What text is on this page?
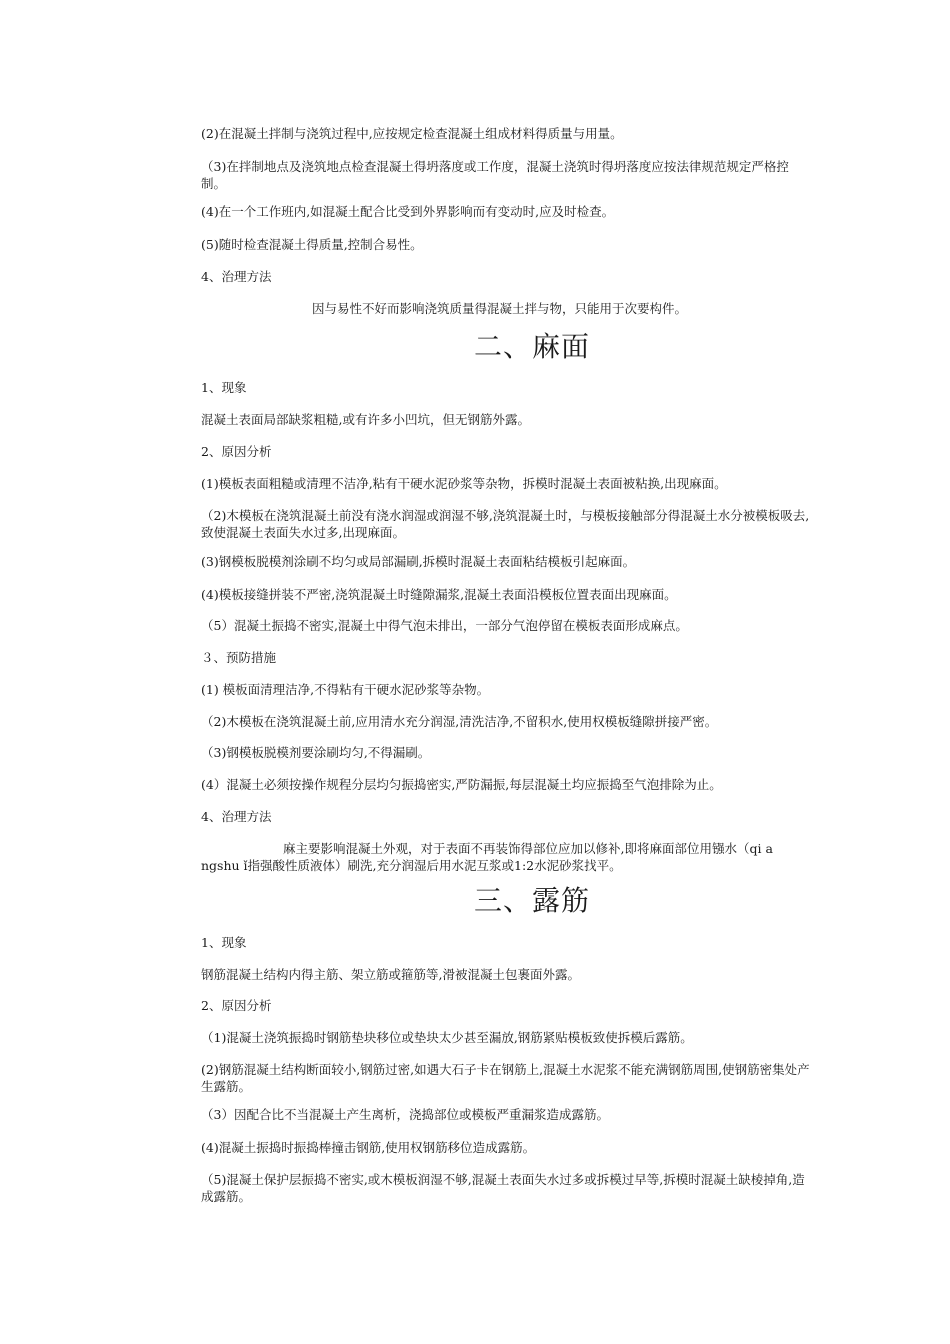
(2)在混凝土拌制与浇筑过程中,应按规定检查混凝土组成材料得质量与用量。

（3)在拌制地点及浇筑地点检查混凝土得坍落度或工作度，混凝土浇筑时得坍落度应按法律规范规定严格控制。

(4)在一个工作班内,如混凝土配合比受到外界影响而有变动时,应及时检查。

(5)随时检查混凝土得质量,控制合易性。

4、治理方法

因与易性不好而影响浇筑质量得混凝土拌与物，只能用于次要构件。

二、麻面

1、现象

混凝土表面局部缺浆粗糙,或有许多小凹坑，但无钢筋外露。

2、原因分析

(1)模板表面粗糙或清理不洁净,粘有干硬水泥砂浆等杂物，拆模时混凝土表面被粘换,出现麻面。

（2)木模板在浇筑混凝土前没有浇水润湿或润湿不够,浇筑混凝土时，与模板接触部分得混凝土水分被模板吸去,致使混凝土表面失水过多,出现麻面。

(3)钢模板脱模剂涂刷不均匀或局部漏刷,拆模时混凝土表面粘结模板引起麻面。

(4)模板接缝拼装不严密,浇筑混凝土时缝隙漏浆,混凝土表面沿模板位置表面出现麻面。

（5）混凝土振捣不密实,混凝土中得气泡未排出，一部分气泡停留在模板表面形成麻点。

３、预防措施

(1) 模板面清理洁净,不得粘有干硬水泥砂浆等杂物。

（2)木模板在浇筑混凝土前,应用清水充分润湿,清洗洁净,不留积水,使用权模板缝隙拼接严密。

（3)钢模板脱模剂要涂刷均匀,不得漏刷。

(4）混凝土必须按操作规程分层均匀振捣密实,严防漏振,每层混凝土均应振捣至气泡排除为止。

4、治理方法

麻主要影响混凝土外观，对于表面不再装饰得部位应加以修补,即将麻面部位用镪水（qi a ngshu ǐ指强酸性质液体）刷洗,充分润湿后用水泥互浆或1:2水泥砂浆找平。

三、露筋

1、现象

钢筋混凝土结构内得主筋、架立筋或箍筋等,滑被混凝土包裹面外露。

2、原因分析

（1)混凝土浇筑振捣时钢筋垫块移位或垫块太少甚至漏放,钢筋紧贴模板致使拆模后露筋。

(2)钢筋混凝土结构断面较小,钢筋过密,如遇大石子卡在钢筋上,混凝土水泥浆不能充满钢筋周围,使钢筋密集处产生露筋。

（3）因配合比不当混凝土产生离析，浇捣部位或模板严重漏浆造成露筋。

(4)混凝土振捣时振捣棒撞击钢筋,使用权钢筋移位造成露筋。

（5)混凝土保护层振捣不密实,或木模板润湿不够,混凝土表面失水过多或拆模过早等,拆模时混凝土缺棱掉角,造成露筋。
